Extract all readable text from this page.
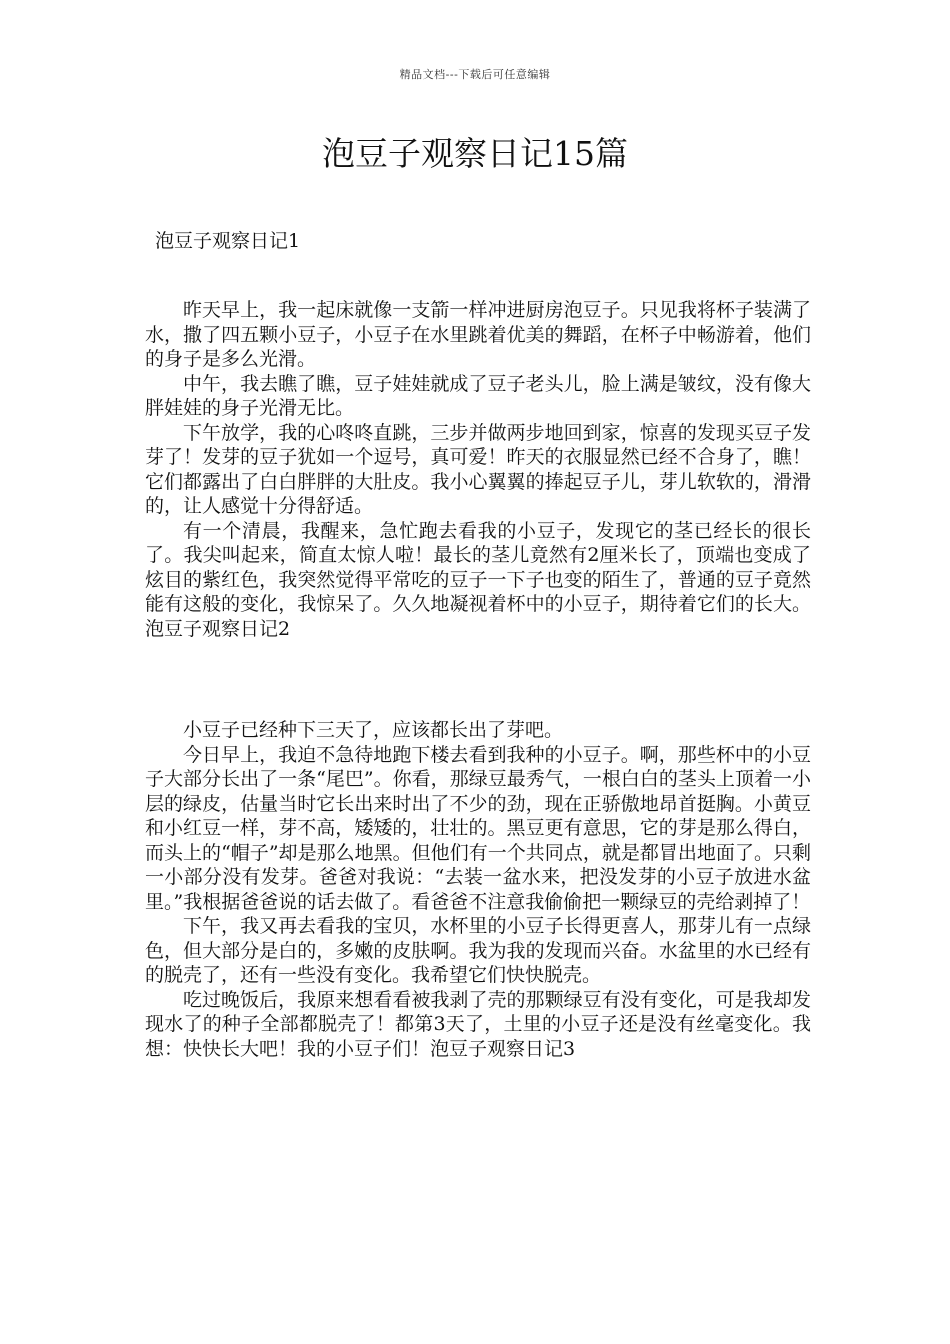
精品文档---下载后可任意编辑
泡豆子观察日记15篇
泡豆子观察日记1

昨天早上，我一起床就像一支箭一样冲进厨房泡豆子。只见我将杯子装满了水，撒了四五颗小豆子，小豆子在水里跳着优美的舞蹈，在杯子中畅游着，他们的身子是多么光滑。

中午，我去瞧了瞧，豆子娃娃就成了豆子老头儿，脸上满是皱纹，没有像大胖娃娃的身子光滑无比。

下午放学，我的心咚咚直跳，三步并做两步地回到家，惊喜的发现买豆子发芽了！发芽的豆子犹如一个逗号，真可爱！昨天的衣服显然已经不合身了，瞧！它们都露出了白白胖胖的大肚皮。我小心翼翼的捧起豆子儿，芽儿软软的，滑滑的，让人感觉十分得舒适。

有一个清晨，我醒来，急忙跑去看我的小豆子，发现它的茎已经长的很长了。我尖叫起来，简直太惊人啦！最长的茎儿竟然有2厘米长了，顶端也变成了炫目的紫红色，我突然觉得平常吃的豆子一下子也变的陌生了，普通的豆子竟然能有这般的变化，我惊呆了。久久地凝视着杯中的小豆子，期待着它们的长大。泡豆子观察日记2

小豆子已经种下三天了，应该都长出了芽吧。

今日早上，我迫不急待地跑下楼去看到我种的小豆子。啊，那些杯中的小豆子大部分长出了一条“尾巴”。你看，那绿豆最秀气，一根白白的茎头上顶着一小层的绿皮，估量当时它长出来时出了不少的劲，现在正骄傲地昂首挺胸。小黄豆和小红豆一样，芽不高，矮矮的，壮壮的。黑豆更有意思，它的芽是那么得白，而头上的“帽子”却是那么地黑。但他们有一个共同点，就是都冒出地面了。只剩一小部分没有发芽。爸爸对我说：“去装一盆水来，把没发芽的小豆子放进水盆里。”我根据爸爸说的话去做了。看爸爸不注意我偷偷把一颗绿豆的壳给剥掉了！

下午，我又再去看我的宝贝，水杯里的小豆子长得更喜人，那芽儿有一点绿色，但大部分是白的，多嫩的皮肤啊。我为我的发现而兴奋。水盆里的水已经有的脱壳了，还有一些没有变化。我希望它们快快脱壳。

吃过晚饭后，我原来想看看被我剥了壳的那颗绿豆有没有变化，可是我却发现水了的种子全部都脱壳了！都第3天了，土里的小豆子还是没有丝毫变化。我想：快快长大吧！我的小豆子们！泡豆子观察日记3
